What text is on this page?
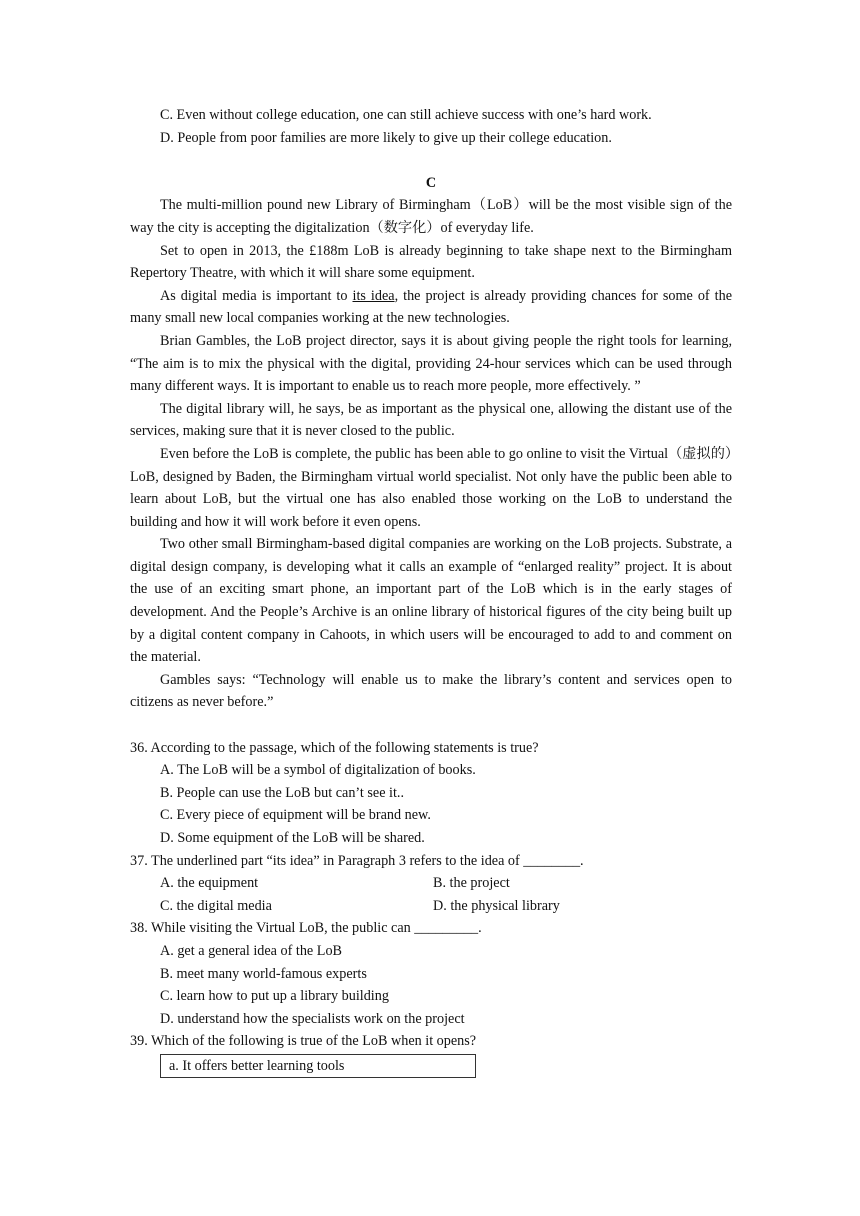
C. Even without college education, one can still achieve success with one’s hard work.

D. People from poor families are more likely to give up their college education.

C

The multi-million pound new Library of Birmingham（LoB）will be the most visible sign of the way the city is accepting the digitalization（数字化）of everyday life.

Set to open in 2013, the £188m LoB is already beginning to take shape next to the Birmingham Repertory Theatre, with which it will share some equipment.

As digital media is important to its idea, the project is already providing chances for some of the many small new local companies working at the new technologies.

Brian Gambles, the LoB project director, says it is about giving people the right tools for learning, “The aim is to mix the physical with the digital, providing 24-hour services which can be used through many different ways. It is important to enable us to reach more people, more effectively. ”

The digital library will, he says, be as important as the physical one, allowing the distant use of the services, making sure that it is never closed to the public.

Even before the LoB is complete, the public has been able to go online to visit the Virtual（虚拟的）LoB, designed by Baden, the Birmingham virtual world specialist. Not only have the public been able to learn about LoB, but the virtual one has also enabled those working on the LoB to understand the building and how it will work before it even opens.

Two other small Birmingham-based digital companies are working on the LoB projects. Substrate, a digital design company, is developing what it calls an example of “enlarged reality” project. It is about the use of an exciting smart phone, an important part of the LoB which is in the early stages of development. And the People’s Archive is an online library of historical figures of the city being built up by a digital content company in Cahoots, in which users will be encouraged to add to and comment on the material.

Gambles says: “Technology will enable us to make the library’s content and services open to citizens as never before.”

36. According to the passage, which of the following statements is true?

A. The LoB will be a symbol of digitalization of books.

B. People can use the LoB but can’t see it..

C. Every piece of equipment will be brand new.

D. Some equipment of the LoB will be shared.

37. The underlined part “its idea” in Paragraph 3 refers to the idea of ________.

A. the equipment	B. the project
C. the digital media	D. the physical library

38. While visiting the Virtual LoB, the public can _________.

A. get a general idea of the LoB

B. meet many world-famous experts

C. learn how to put up a library building

D. understand how the specialists work on the project

39. Which of the following is true of the LoB when it opens?

a. It offers better learning tools
